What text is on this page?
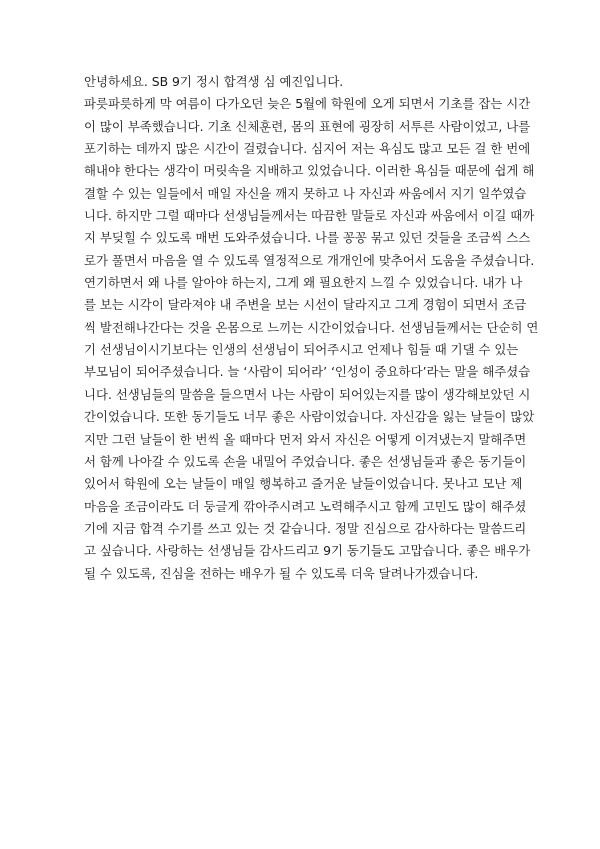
안녕하세요. SB 9기 정시 합격생 심 예진입니다.
파릇파릇하게 막 여름이 다가오던 늦은 5월에 학원에 오게 되면서 기초를 잡는 시간
이 많이 부족했습니다. 기초 신체훈련, 몸의 표현에 굉장히 서투른 사람이었고, 나를
포기하는 데까지 많은 시간이 걸렸습니다. 심지어 저는 욕심도 많고 모든 걸 한 번에
해내야 한다는 생각이 머릿속을 지배하고 있었습니다. 이러한 욕심들 때문에 쉽게 해
결할 수 있는 일들에서 매일 자신을 깨지 못하고 나 자신과 싸움에서 지기 일쑤였습
니다. 하지만 그럴 때마다 선생님들께서는 따끔한 말들로 자신과 싸움에서 이길 때까
지 부딪힐 수 있도록 매번 도와주셨습니다. 나를 꽁꽁 묶고 있던 것들을 조금씩 스스
로가 풀면서 마음을 열 수 있도록 열정적으로 개개인에 맞추어서 도움을 주셨습니다.
연기하면서 왜 나를 알아야 하는지, 그게 왜 필요한지 느낄 수 있었습니다. 내가 나
를 보는 시각이 달라져야 내 주변을 보는 시선이 달라지고 그게 경험이 되면서 조금
씩 발전해나간다는 것을 온몸으로 느끼는 시간이었습니다. 선생님들께서는 단순히 연
기 선생님이시기보다는 인생의 선생님이 되어주시고 언제나 힘들 때 기댈 수 있는
부모님이 되어주셨습니다. 늘 ‘사람이 되어라’ ‘인성이 중요하다’라는 말을 해주셨습
니다. 선생님들의 말씀을 들으면서 나는 사람이 되어있는지를 많이 생각해보았던 시
간이었습니다. 또한 동기들도 너무 좋은 사람이었습니다. 자신감을 잃는 날들이 많았
지만 그런 날들이 한 번씩 올 때마다 먼저 와서 자신은 어떻게 이겨냈는지 말해주면
서 함께 나아갈 수 있도록 손을 내밀어 주었습니다. 좋은 선생님들과 좋은 동기들이
있어서 학원에 오는 날들이 매일 행복하고 즐거운 날들이었습니다. 못나고 모난 제
마음을 조금이라도 더 둥글게 깎아주시려고 노력해주시고 함께 고민도 많이 해주셨
기에 지금 합격 수기를 쓰고 있는 것 같습니다. 정말 진심으로 감사하다는 말씀드리
고 싶습니다. 사랑하는 선생님들 감사드리고 9기 동기들도 고맙습니다. 좋은 배우가
될 수 있도록, 진심을 전하는 배우가 될 수 있도록 더욱 달려나가겠습니다.
